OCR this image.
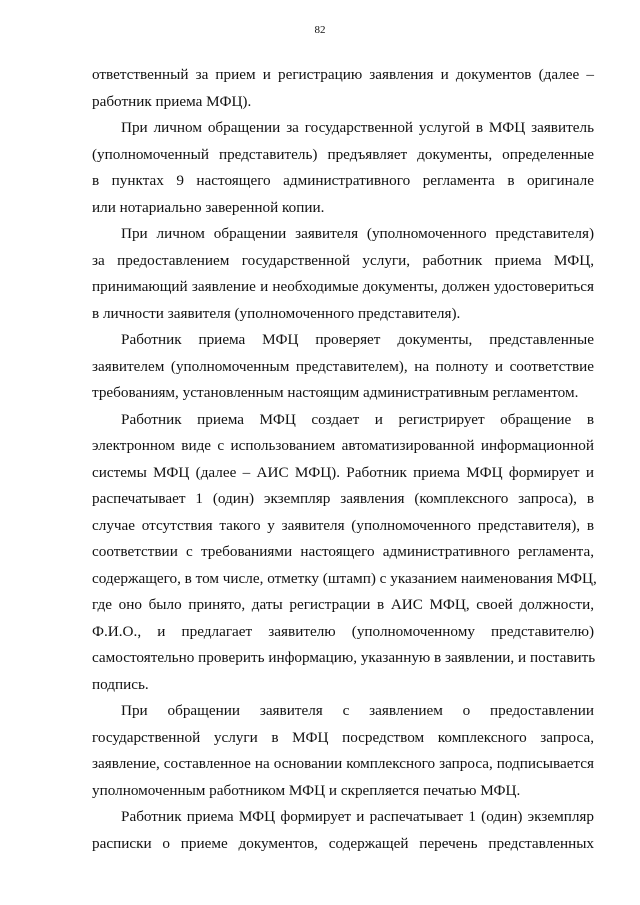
82
ответственный за прием и регистрацию заявления и документов (далее –
работник приема МФЦ).
При личном обращении за государственной услугой в МФЦ заявитель
(уполномоченный представитель) предъявляет документы, определенные
в пунктах 9 настоящего административного регламента в оригинале
или нотариально заверенной копии.
При личном обращении заявителя (уполномоченного представителя)
за предоставлением государственной услуги, работник приема МФЦ,
принимающий заявление и необходимые документы, должен удостовериться
в личности заявителя (уполномоченного представителя).
Работник приема МФЦ проверяет документы, представленные
заявителем (уполномоченным представителем), на полноту и соответствие
требованиям, установленным настоящим административным регламентом.
Работник приема МФЦ создает и регистрирует обращение в
электронном виде с использованием автоматизированной информационной
системы МФЦ (далее – АИС МФЦ). Работник приема МФЦ формирует и
распечатывает 1 (один) экземпляр заявления (комплексного запроса), в
случае отсутствия такого у заявителя (уполномоченного представителя), в
соответствии с требованиями настоящего административного регламента,
содержащего, в том числе, отметку (штамп) с указанием наименования МФЦ,
где оно было принято, даты регистрации в АИС МФЦ, своей должности,
Ф.И.О., и предлагает заявителю (уполномоченному представителю)
самостоятельно проверить информацию, указанную в заявлении, и поставить
подпись.
При обращении заявителя с заявлением о предоставлении
государственной услуги в МФЦ посредством комплексного запроса,
заявление, составленное на основании комплексного запроса, подписывается
уполномоченным работником МФЦ и скрепляется печатью МФЦ.
Работник приема МФЦ формирует и распечатывает 1 (один) экземпляр
расписки о приеме документов, содержащей перечень представленных
